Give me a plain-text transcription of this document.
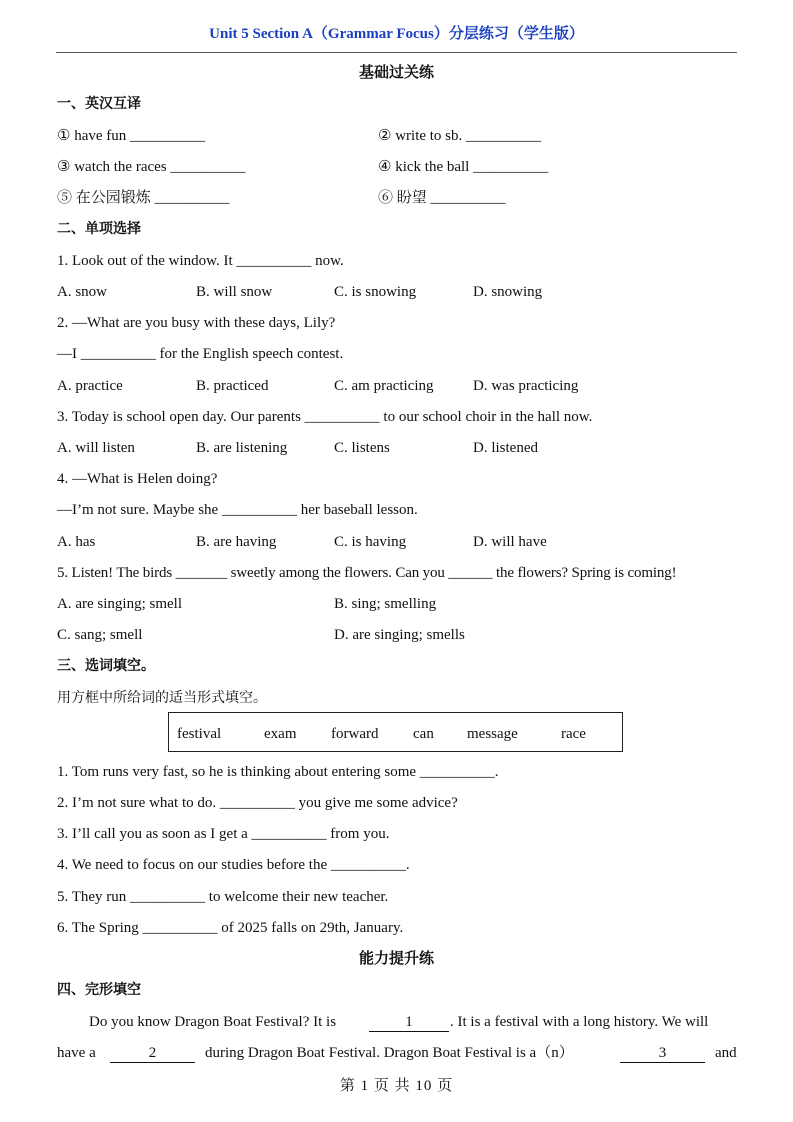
Unit 5 Section A（Grammar Focus）分层练习（学生版）
基础过关练
一、英汉互译
① have fun __________	② write to sb. __________
③ watch the races __________	④ kick the ball __________
⑤ 在公园锻炼 __________	⑥ 盼望 __________
二、单项选择
1. Look out of the window. It __________ now.
A. snow	B. will snow	C. is snowing	D. snowing
2. —What are you busy with these days, Lily?
—I __________ for the English speech contest.
A. practice	B. practiced	C. am practicing	D. was practicing
3. Today is school open day. Our parents __________ to our school choir in the hall now.
A. will listen	B. are listening	C. listens	D. listened
4. —What is Helen doing?
—I’m not sure. Maybe she __________ her baseball lesson.
A. has	B. are having	C. is having	D. will have
5. Listen! The birds _______ sweetly among the flowers. Can you ______ the flowers? Spring is coming!
A. are singing; smell	B. sing; smelling
C. sang; smell	D. are singing; smells
三、选词填空。
用方框中所给词的适当形式填空。
festival	exam forward can message	race
1. Tom runs very fast, so he is thinking about entering some __________.
2. I’m not sure what to do. __________ you give me some advice?
3. I’ll call you as soon as I get a __________ from you.
4. We need to focus on our studies before the __________.
5. They run __________ to welcome their new teacher.
6. The Spring __________ of 2025 falls on 29th, January.
能力提升练
四、完形填空
Do you know Dragon Boat Festival? It is	1	. It is a festival with a long history. We will
have a	2	during Dragon Boat Festival. Dragon Boat Festival is a（n）	3	and
第 1 页 共 10 页
